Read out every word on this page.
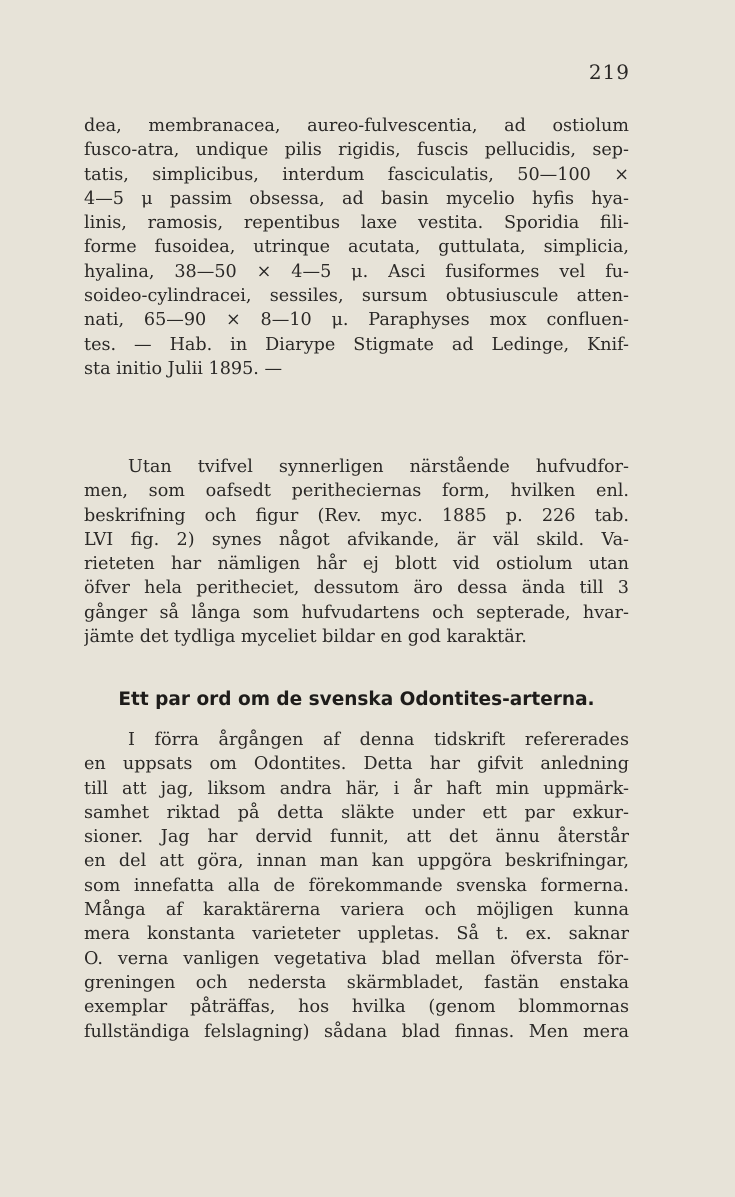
219
dea, membranacea, aureo-fulvescentia, ad ostiolum
fusco-atra, undique pilis rigidis, fuscis pellucidis, sep-
tatis, simplicibus, interdum fasciculatis, 50—100 ×
4—5 μ passim obsessa, ad basin mycelio hyfis hya-
linis, ramosis, repentibus laxe vestita. Sporidia fili-
forme fusoidea, utrinque acutata, guttulata, simplicia,
hyalina, 38—50 × 4—5 μ. Asci fusiformes vel fu-
soideo-cylindracei, sessiles, sursum obtusiuscule atten-
nati, 65—90 × 8—10 μ. Paraphyses mox confluen-
tes. — Hab. in Diarype Stigmate ad Ledinge, Knif-
sta initio Julii 1895. —
Utan tvifvel synnerligen närstående hufvudfor-
men, som oafsedt peritheciernas form, hvilken enl.
beskrifning och figur (Rev. myc. 1885 p. 226 tab.
LVI fig. 2) synes något afvikande, är väl skild. Va-
rieteten har nämligen hår ej blott vid ostiolum utan
öfver hela peritheciet, dessutom äro dessa ända till 3
gånger så långa som hufvudartens och septerade, hvar-
jämte det tydliga myceliet bildar en god karaktär.
Ett par ord om de svenska Odontites-arterna.
I förra årgången af denna tidskrift refererades
en uppsats om Odontites. Detta har gifvit anledning
till att jag, liksom andra här, i år haft min uppmärk-
samhet riktad på detta släkte under ett par exkur-
sioner. Jag har dervid funnit, att det ännu återstår
en del att göra, innan man kan uppgöra beskrifningar,
som innefatta alla de förekommande svenska formerna.
Många af karaktärerna variera och möjligen kunna
mera konstanta varieteter uppletas. Så t. ex. saknar
O. verna vanligen vegetativa blad mellan öfversta för-
greningen och nedersta skärmbladet, fastän enstaka
exemplar påträffas, hos hvilka (genom blommornas
fullständiga felslagning) sådana blad finnas. Men mera
